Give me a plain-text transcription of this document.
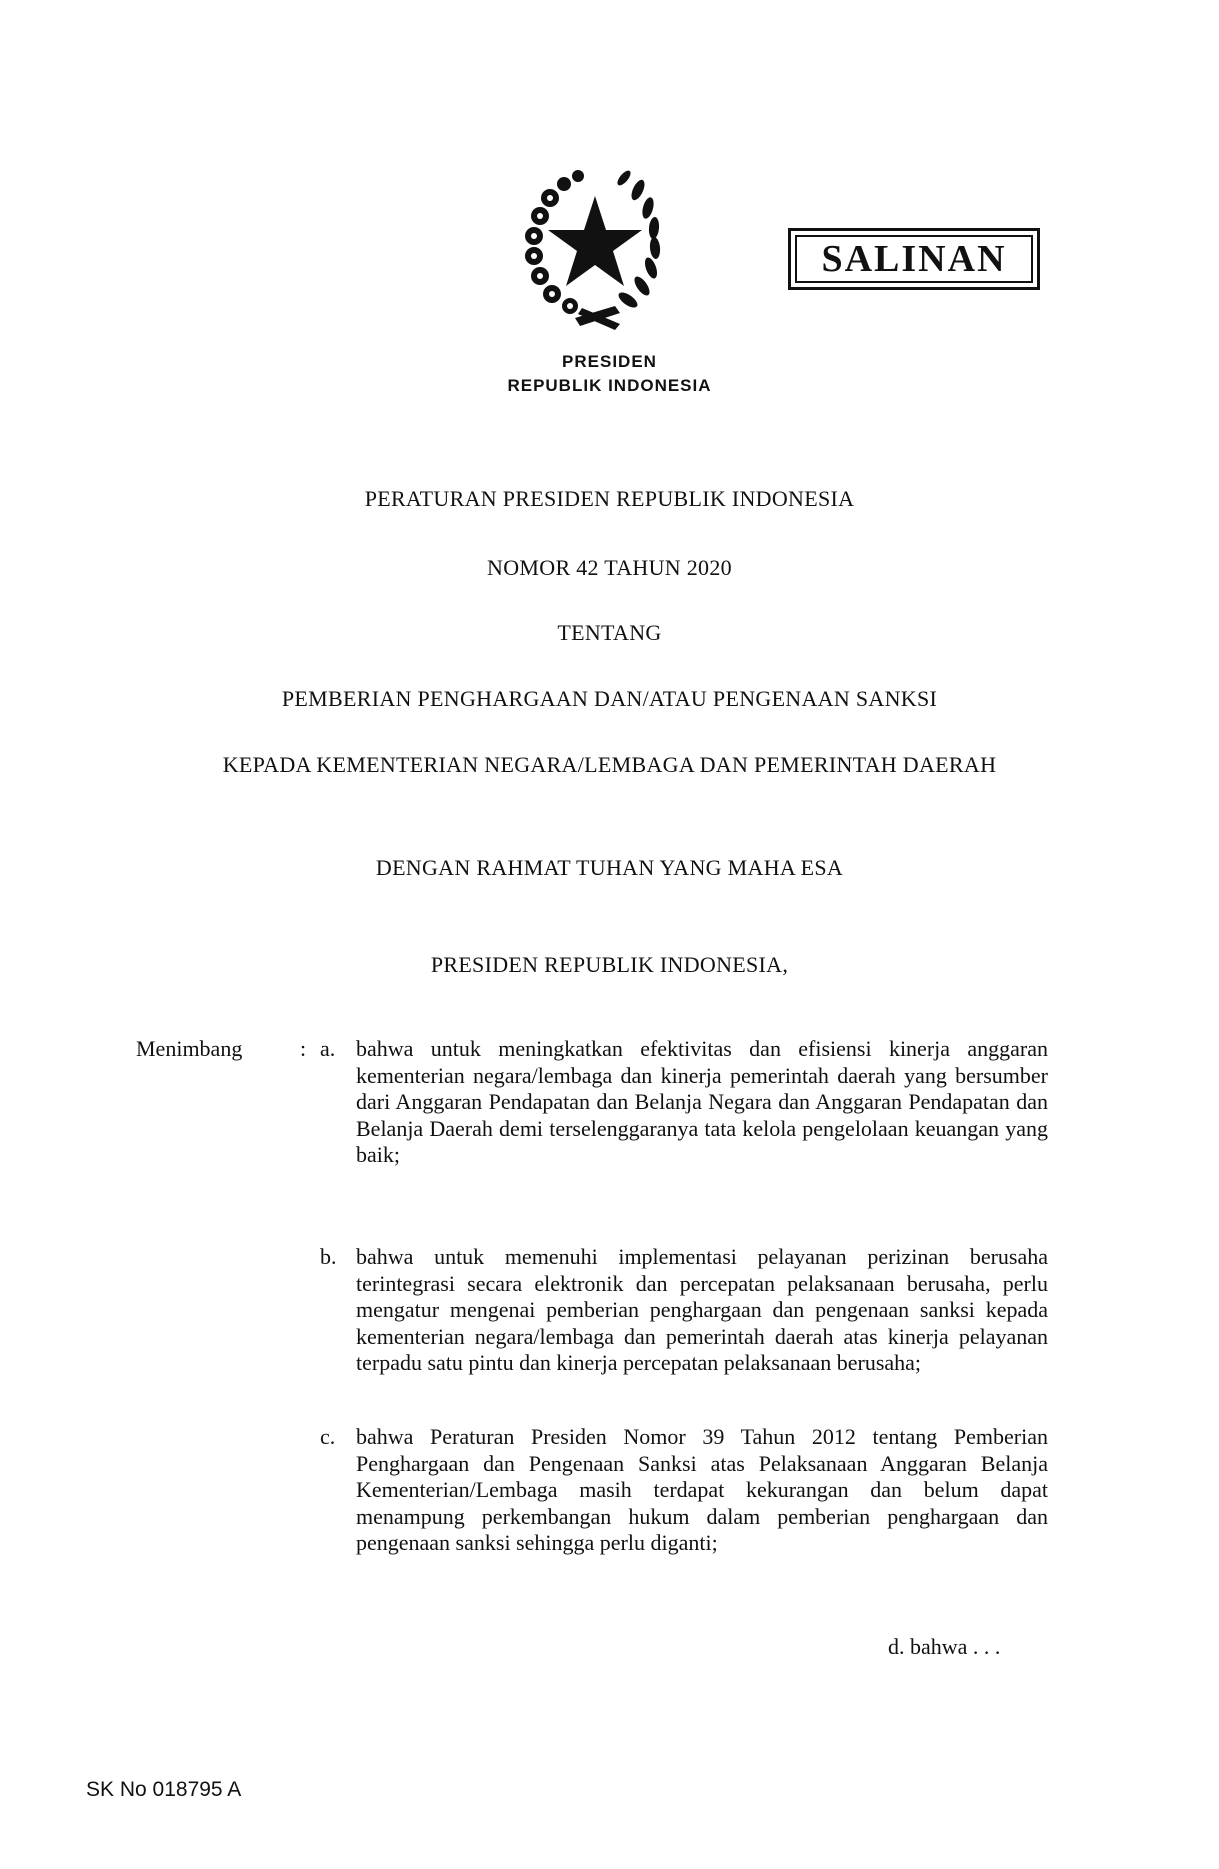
SALINAN
PRESIDEN
REPUBLIK INDONESIA
PERATURAN PRESIDEN REPUBLIK INDONESIA
NOMOR 42 TAHUN 2020
TENTANG
PEMBERIAN PENGHARGAAN DAN/ATAU PENGENAAN SANKSI
KEPADA KEMENTERIAN NEGARA/LEMBAGA DAN PEMERINTAH DAERAH
DENGAN RAHMAT TUHAN YANG MAHA ESA
PRESIDEN REPUBLIK INDONESIA,
Menimbang	: a. bahwa untuk meningkatkan efektivitas dan efisiensi kinerja anggaran kementerian negara/lembaga dan kinerja pemerintah daerah yang bersumber dari Anggaran Pendapatan dan Belanja Negara dan Anggaran Pendapatan dan Belanja Daerah demi terselenggaranya tata kelola pengelolaan keuangan yang baik;
b. bahwa untuk memenuhi implementasi pelayanan perizinan berusaha terintegrasi secara elektronik dan percepatan pelaksanaan berusaha, perlu mengatur mengenai pemberian penghargaan dan pengenaan sanksi kepada kementerian negara/lembaga dan pemerintah daerah atas kinerja pelayanan terpadu satu pintu dan kinerja percepatan pelaksanaan berusaha;
c. bahwa Peraturan Presiden Nomor 39 Tahun 2012 tentang Pemberian Penghargaan dan Pengenaan Sanksi atas Pelaksanaan Anggaran Belanja Kementerian/Lembaga masih terdapat kekurangan dan belum dapat menampung perkembangan hukum dalam pemberian penghargaan dan pengenaan sanksi sehingga perlu diganti;
d. bahwa . . .
SK No 018795 A
